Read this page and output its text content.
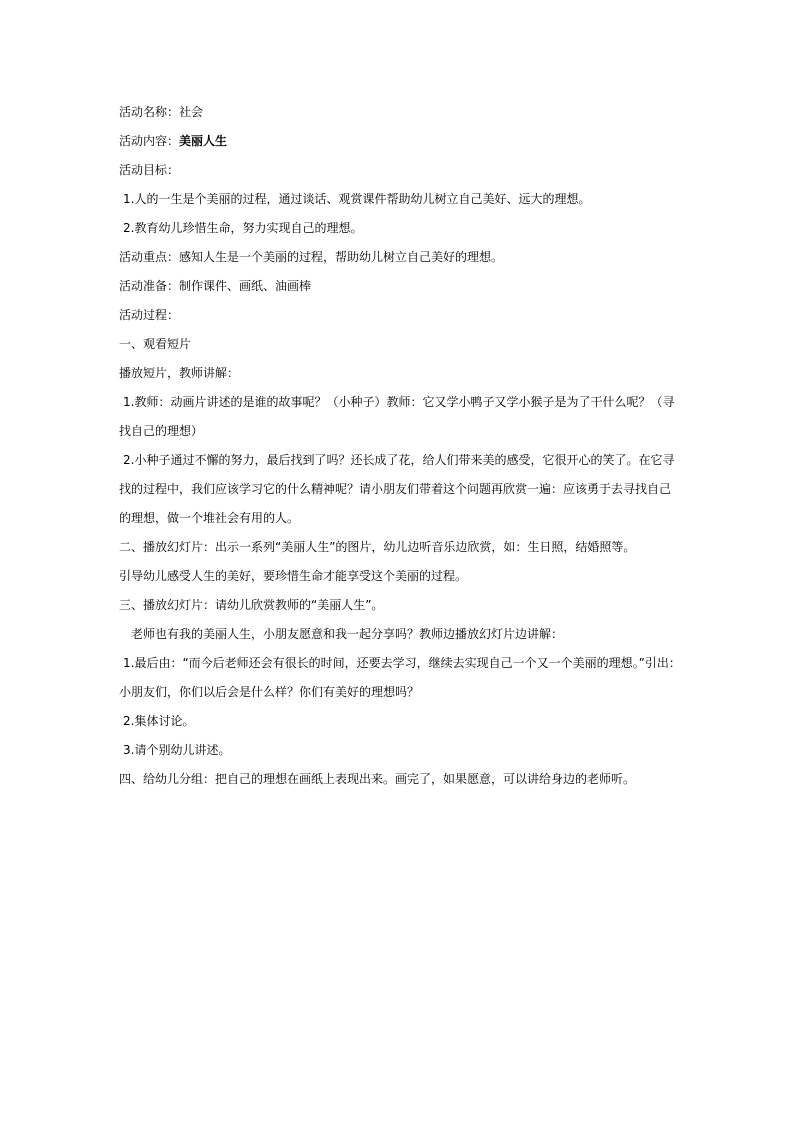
活动名称：社会

活动内容：美丽人生

活动目标：

1.人的一生是个美丽的过程，通过谈话、观赏课件帮助幼儿树立自己美好、远大的理想。

2.教育幼儿珍惜生命，努力实现自己的理想。

活动重点：感知人生是一个美丽的过程，帮助幼儿树立自己美好的理想。

活动准备：制作课件、画纸、油画棒

活动过程：

一、观看短片

播放短片，教师讲解：

1.教师：动画片讲述的是谁的故事呢？（小种子）教师：它又学小鸭子又学小猴子是为了干什么呢？（寻

找自己的理想）

2.小种子通过不懈的努力，最后找到了吗？还长成了花，给人们带来美的感受，它很开心的笑了。在它寻

找的过程中，我们应该学习它的什么精神呢？请小朋友们带着这个问题再欣赏一遍：应该勇于去寻找自己

的理想，做一个堆社会有用的人。

二、播放幻灯片：出示一系列“美丽人生”的图片，幼儿边听音乐边欣赏，如：生日照，结婚照等。

引导幼儿感受人生的美好，要珍惜生命才能享受这个美丽的过程。

三、播放幻灯片：请幼儿欣赏教师的“美丽人生”。

老师也有我的美丽人生，小朋友愿意和我一起分享吗？教师边播放幻灯片边讲解：

1.最后由：“而今后老师还会有很长的时间，还要去学习，继续去实现自己一个又一个美丽的理想。”引出：

小朋友们，你们以后会是什么样？你们有美好的理想吗？

2.集体讨论。

3.请个别幼儿讲述。

四、给幼儿分组：把自己的理想在画纸上表现出来。画完了，如果愿意，可以讲给身边的老师听。
